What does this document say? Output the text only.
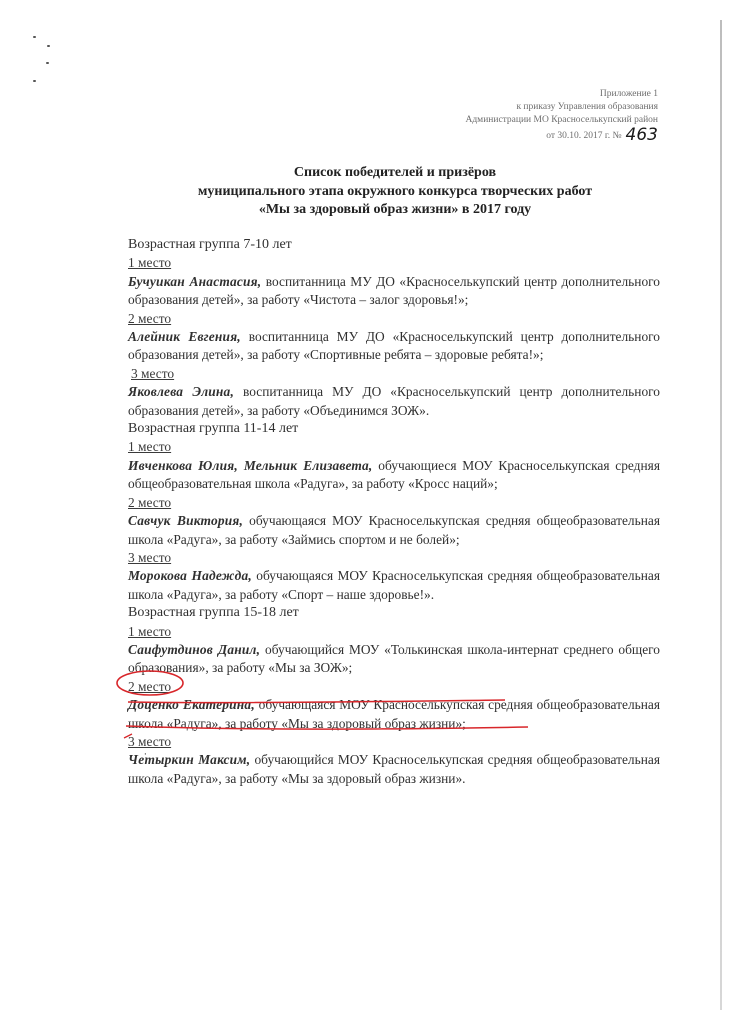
Приложение 1
к приказу Управления образования
Администрации МО Красноселькупский район
от 30.10. 2017 г. № 463
Список победителей и призёров
муниципального этапа окружного конкурса творческих работ
«Мы за здоровый образ жизни» в 2017 году
Возрастная группа 7-10 лет
1 место
Бучуикан Анастасия, воспитанница МУ ДО «Красноселькупский центр дополнительного образования детей», за работу «Чистота – залог здоровья!»;
2 место
Алейник Евгения, воспитанница МУ ДО «Красноселькупский центр дополнительного образования детей», за работу «Спортивные ребята – здоровые ребята!»;
3 место
Яковлева Элина, воспитанница МУ ДО «Красноселькупский центр дополнительного образования детей», за работу «Объединимся ЗОЖ».
Возрастная группа 11-14 лет
1 место
Ивченкова Юлия, Мельник Елизавета, обучающиеся МОУ Красноселькупская средняя общеобразовательная школа «Радуга», за работу «Кросс наций»;
2 место
Савчук Виктория, обучающаяся МОУ Красноселькупская средняя общеобразовательная школа «Радуга», за работу «Займись спортом и не болей»;
3 место
Морокова Надежда, обучающаяся МОУ Красноселькупская средняя общеобразовательная школа «Радуга», за работу «Спорт – наше здоровье!».
Возрастная группа 15-18 лет
1 место
Саифутдинов Данил, обучающийся МОУ «Толькинская школа-интернат среднего общего образования», за работу «Мы за ЗОЖ»;
2 место
Доценко Екатерина, обучающаяся МОУ Красноселькупская средняя общеобразовательная школа «Радуга», за работу «Мы за здоровый образ жизни»;
3 место
Чеׂтыркин Максим, обучающийся МОУ Красноселькупская средняя общеобразовательная школа «Радуга», за работу «Мы за здоровый образ жизни».
